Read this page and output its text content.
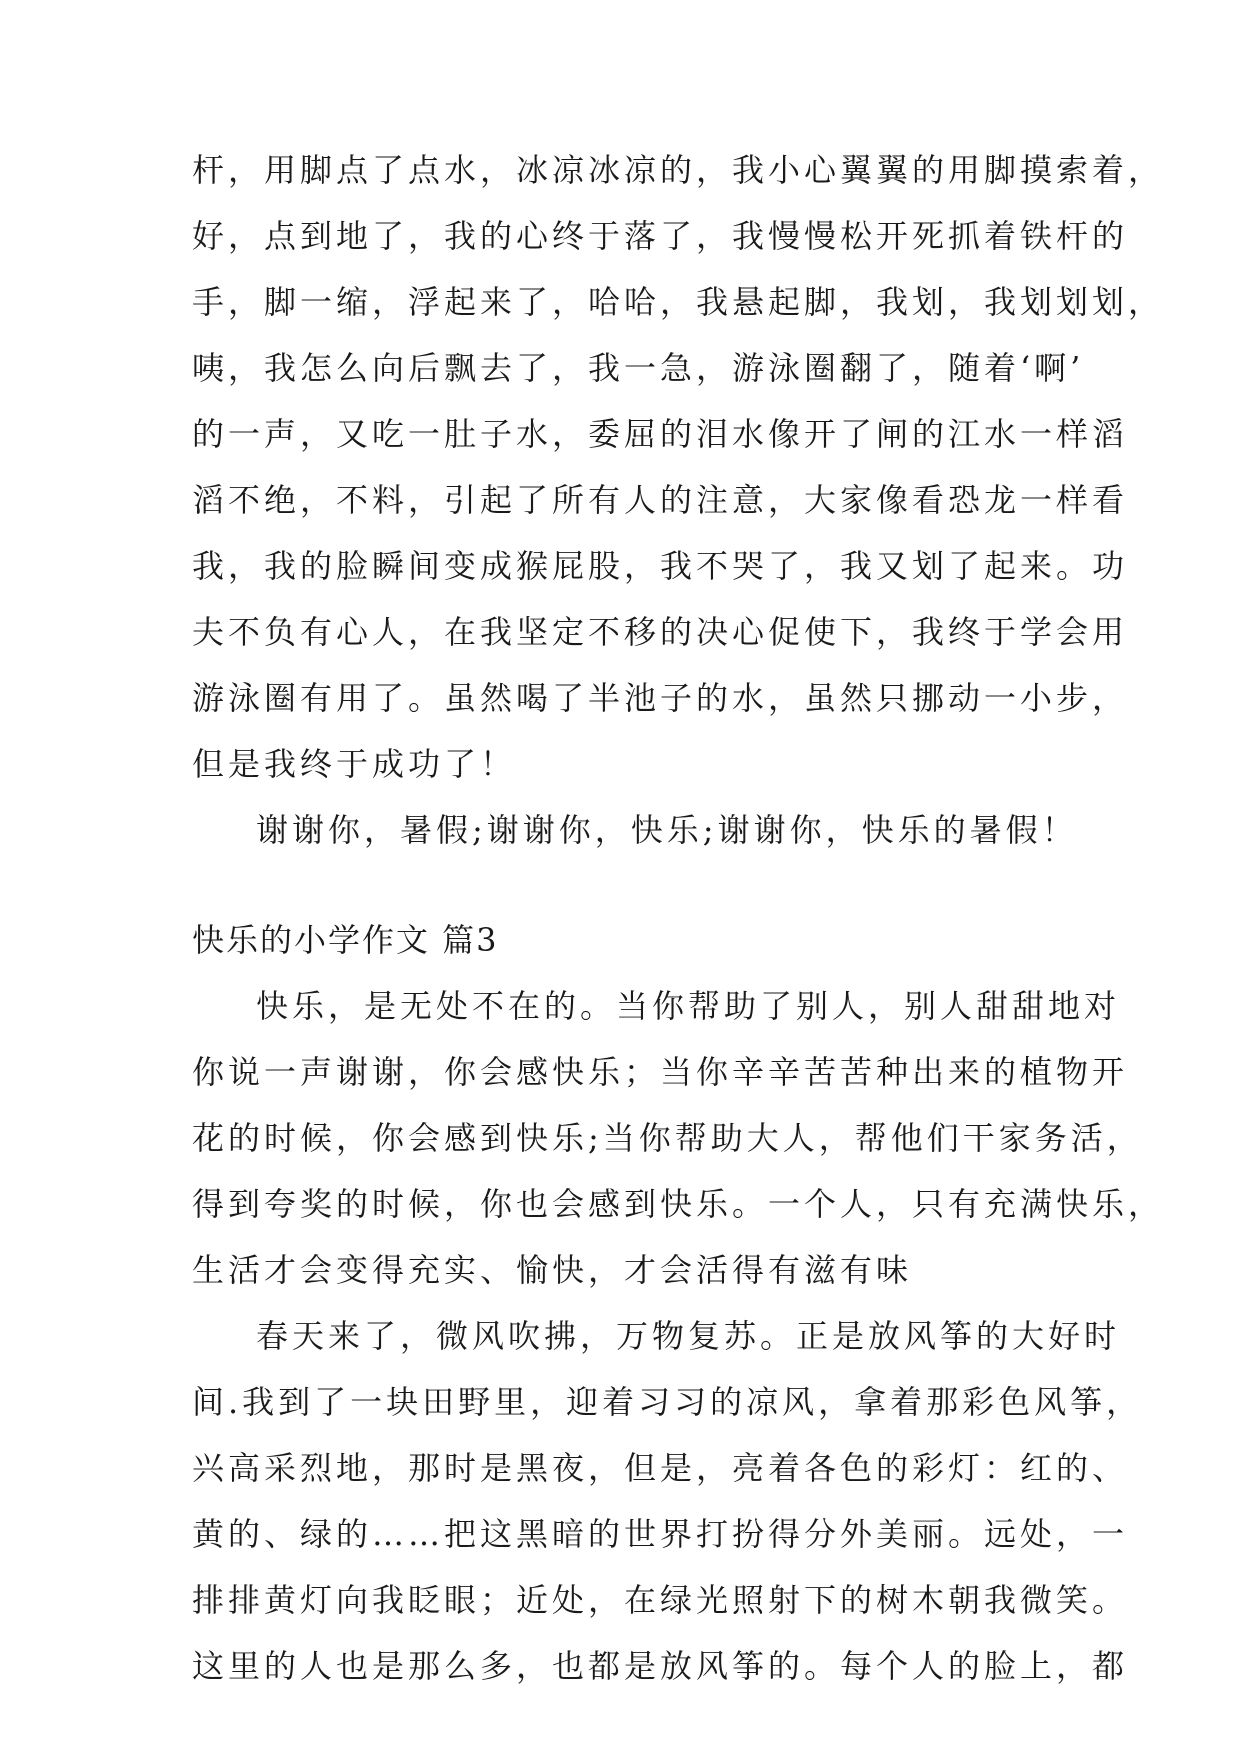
杆，用脚点了点水，冰凉冰凉的，我小心翼翼的用脚摸索着，
好，点到地了，我的心终于落了，我慢慢松开死抓着铁杆的
手，脚一缩，浮起来了，哈哈，我悬起脚，我划，我划划划，
咦，我怎么向后飘去了，我一急，游泳圈翻了，随着‘啊’
的一声，又吃一肚子水，委屈的泪水像开了闸的江水一样滔
滔不绝，不料，引起了所有人的注意，大家像看恐龙一样看
我，我的脸瞬间变成猴屁股，我不哭了，我又划了起来。功
夫不负有心人，在我坚定不移的决心促使下，我终于学会用
游泳圈有用了。虽然喝了半池子的水，虽然只挪动一小步，
但是我终于成功了！
谢谢你，暑假;谢谢你，快乐;谢谢你，快乐的暑假！
快乐的小学作文 篇3
快乐，是无处不在的。当你帮助了别人，别人甜甜地对
你说一声谢谢，你会感快乐；当你辛辛苦苦种出来的植物开
花的时候，你会感到快乐;当你帮助大人，帮他们干家务活，
得到夸奖的时候，你也会感到快乐。一个人，只有充满快乐，
生活才会变得充实、愉快，才会活得有滋有味
春天来了，微风吹拂，万物复苏。正是放风筝的大好时
间.我到了一块田野里，迎着习习的凉风，拿着那彩色风筝，
兴高采烈地，那时是黑夜，但是，亮着各色的彩灯：红的、
黄的、绿的……把这黑暗的世界打扮得分外美丽。远处，一
排排黄灯向我眨眼；近处，在绿光照射下的树木朝我微笑。
这里的人也是那么多，也都是放风筝的。每个人的脸上，都
